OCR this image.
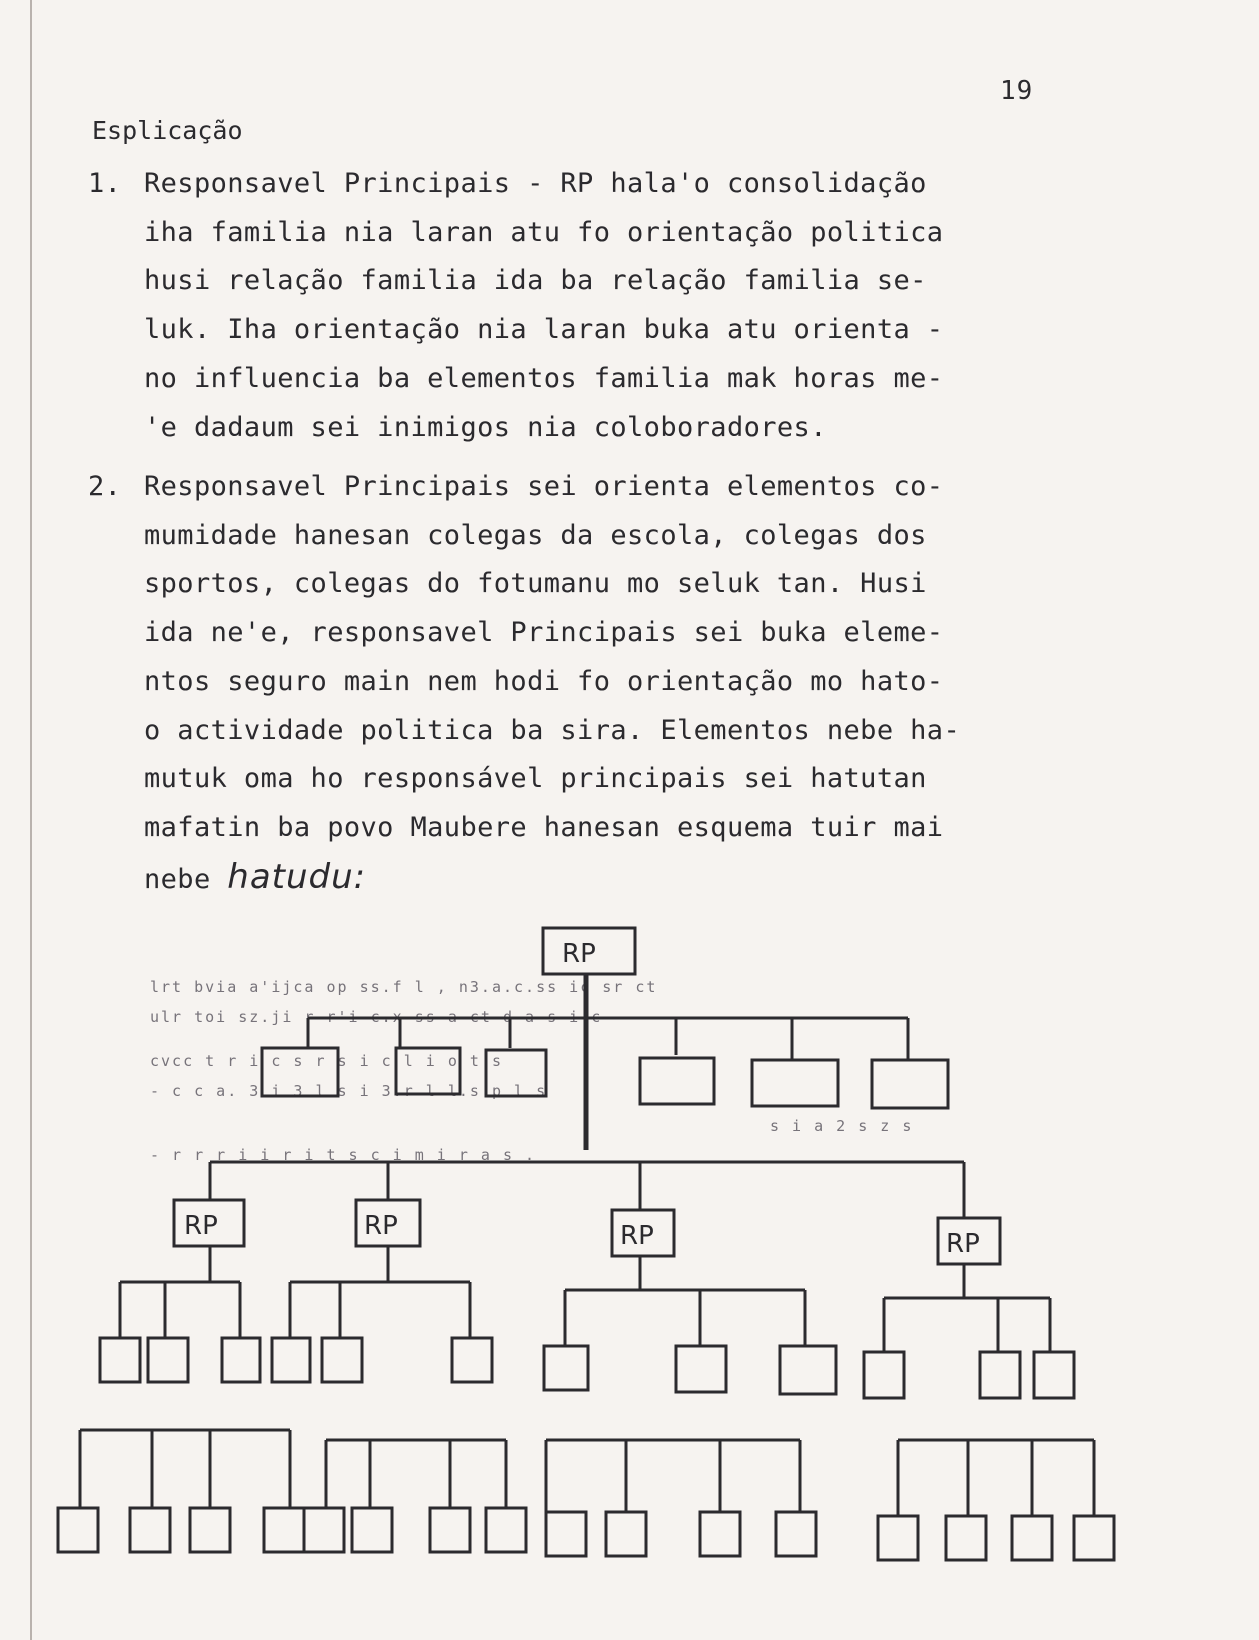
19
Esplicação
1. Responsavel Principais - RP hala'o consolidação
iha familia nia laran atu fo orientação politica
husi relação familia ida ba relação familia se-
luk. Iha orientação nia laran buka atu orienta -
no influencia ba elementos familia mak horas me-
'e dadaum sei inimigos nia coloboradores.
2. Responsavel Principais sei orienta elementos co-
mumidade hanesan colegas da escola, colegas dos
sportos, colegas do fotumanu mo seluk tan. Husi
ida ne'e, responsavel Principais sei buka eleme-
ntos seguro main nem hodi fo orientação mo hato-
o actividade politica ba sira. Elementos nebe ha-
mutuk oma ho responsável principais sei hatutan
mafatin ba povo Maubere hanesan esquema tuir mai
nebe hatudu:
lrt bvia a'ijca op ss.f l , n3.a.c.ss ic sr ct
ulr toi sz.ji r r'i c.x ss a ct d a s i c
cvcc t r i c s r s i c l i o t s
- c c a. 3 i 3 l s i 3.r l l.s p l s
s i a 2 s z s
- r r r i i r i t s c i m i r a s .
RP
RP	RP	RP	RP
